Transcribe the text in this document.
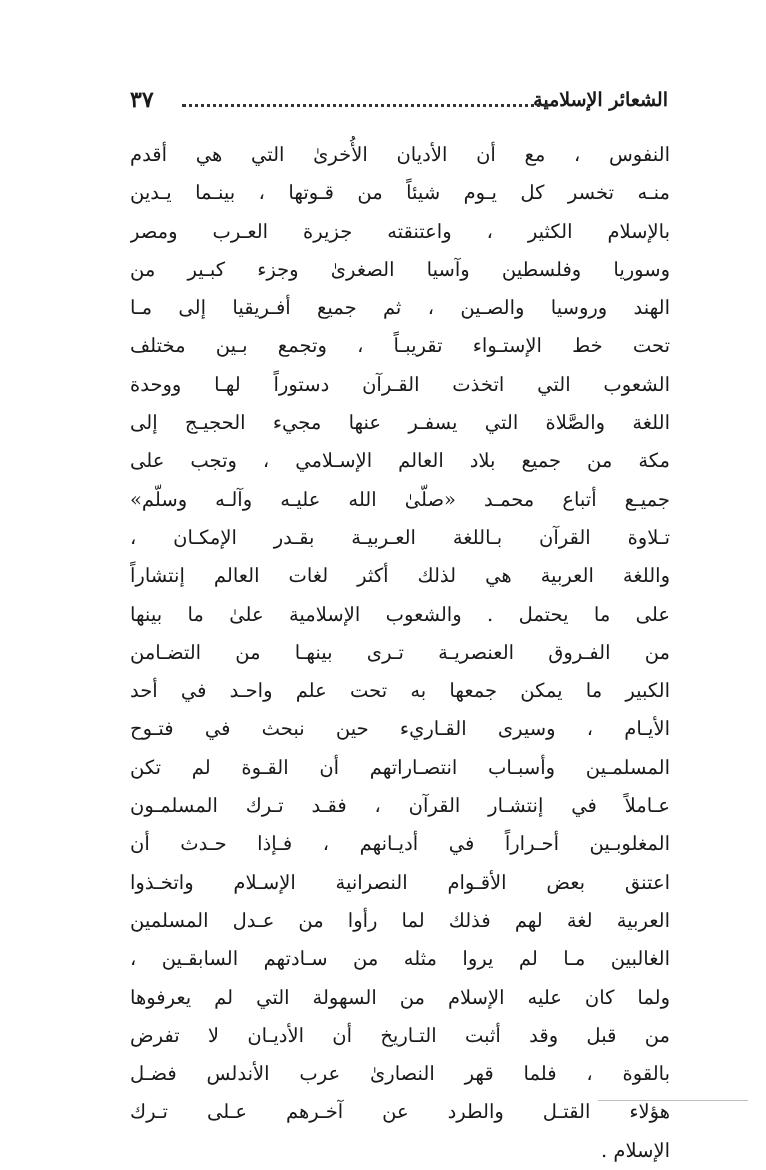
الشعائر الإسلامية
٣٧
النفوس ، مع أن الأديان الأُخرىٰ التي هي أقدم
منـه تخسر كل يـوم شيئاً من قـوتها ، بينـما يـدين
بالإسلام الكثير ، واعتنقته جزيرة العـرب ومصر
وسوريا وفلسطين وآسيا الصغرىٰ وجزء كبـير من
الهند وروسيا والصـين ، ثم جميع أفـريقيا إلى مـا
تحت خط الإستـواء تقريبـاً ، وتجمع بـين مختلف
الشعوب التي اتخذت القـرآن دستوراً لهـا ووحدة
اللغة والصَّلاة التي يسفـر عنها مجيء الحجيـج إلى
مكة من جميع بلاد العالم الإسـلامي ، وتجب على
جميـع أتباع محمـد «صلّىٰ الله عليـه وآلـه وسلّم»
تـلاوة القرآن بـاللغة العـربيـة بقـدر الإمكـان ،
واللغة العربية هي لذلك أكثر لغات العالم إنتشاراً
على ما يحتمل . والشعوب الإسلامية علىٰ ما بينها
من الفـروق العنصريـة تـرى بينهـا من التضـامن
الكبير ما يمكن جمعها به تحت علم واحـد في أحد
الأيـام ، وسيرى القـاريء حين نبحث في فتـوح
المسلمـين وأسبـاب انتصـاراتهم أن القـوة لم تكن
عـاملاً في إنتشـار القرآن ، فقـد تـرك المسلمـون
المغلوبـين أحـراراً في أديـانهم ، فـإذا حـدث أن
اعتنق بعض الأقـوام النصرانية الإسـلام واتخـذوا
العربية لغة لهم فذلك لما رأوا من عـدل المسلمين
الغالبين مـا لم يروا مثله من سـادتهم السابقـين ،
ولما كان عليه الإسلام من السهولة التي لم يعرفوها
من قبل وقد أثبت التـاريخ أن الأديـان لا تفرض
بالقوة ، فلما قهر النصارىٰ عرب الأندلس فضـل
هؤلاء القتـل والطرد عن آخـرهم عـلى تـرك
الإسلام .
